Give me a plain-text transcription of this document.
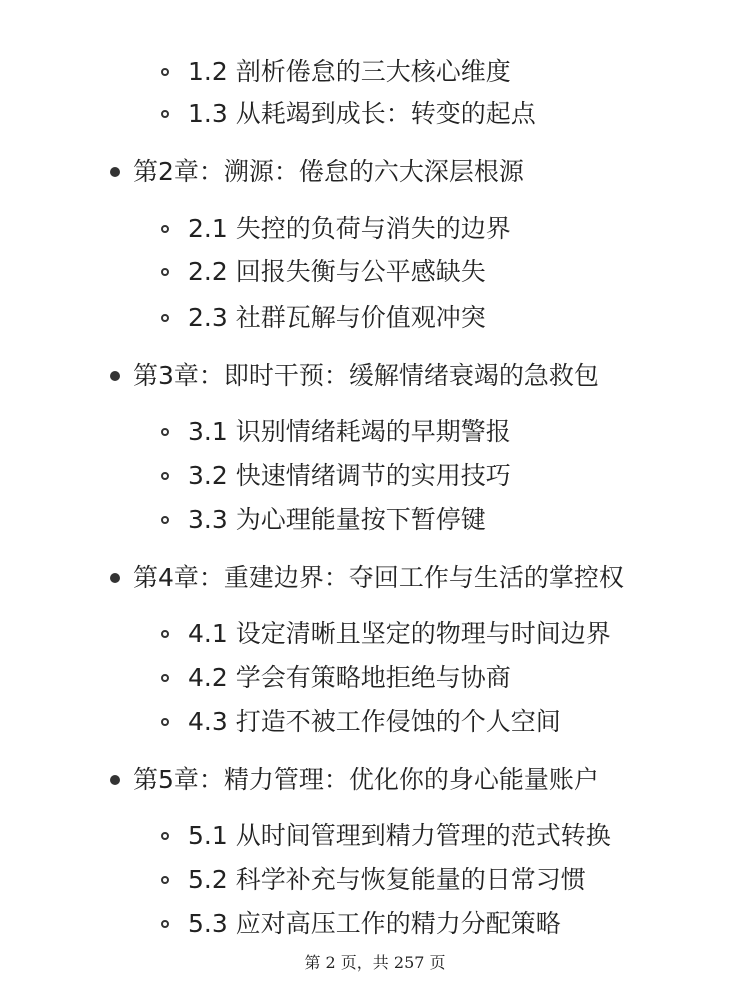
1.2 剖析倦怠的三大核心维度
1.3 从耗竭到成长：转变的起点
第2章：溯源：倦怠的六大深层根源
2.1 失控的负荷与消失的边界
2.2 回报失衡与公平感缺失
2.3 社群瓦解与价值观冲突
第3章：即时干预：缓解情绪衰竭的急救包
3.1 识别情绪耗竭的早期警报
3.2 快速情绪调节的实用技巧
3.3 为心理能量按下暂停键
第4章：重建边界：夺回工作与生活的掌控权
4.1 设定清晰且坚定的物理与时间边界
4.2 学会有策略地拒绝与协商
4.3 打造不被工作侵蚀的个人空间
第5章：精力管理：优化你的身心能量账户
5.1 从时间管理到精力管理的范式转换
5.2 科学补充与恢复能量的日常习惯
5.3 应对高压工作的精力分配策略
第 2 页，共 257 页
